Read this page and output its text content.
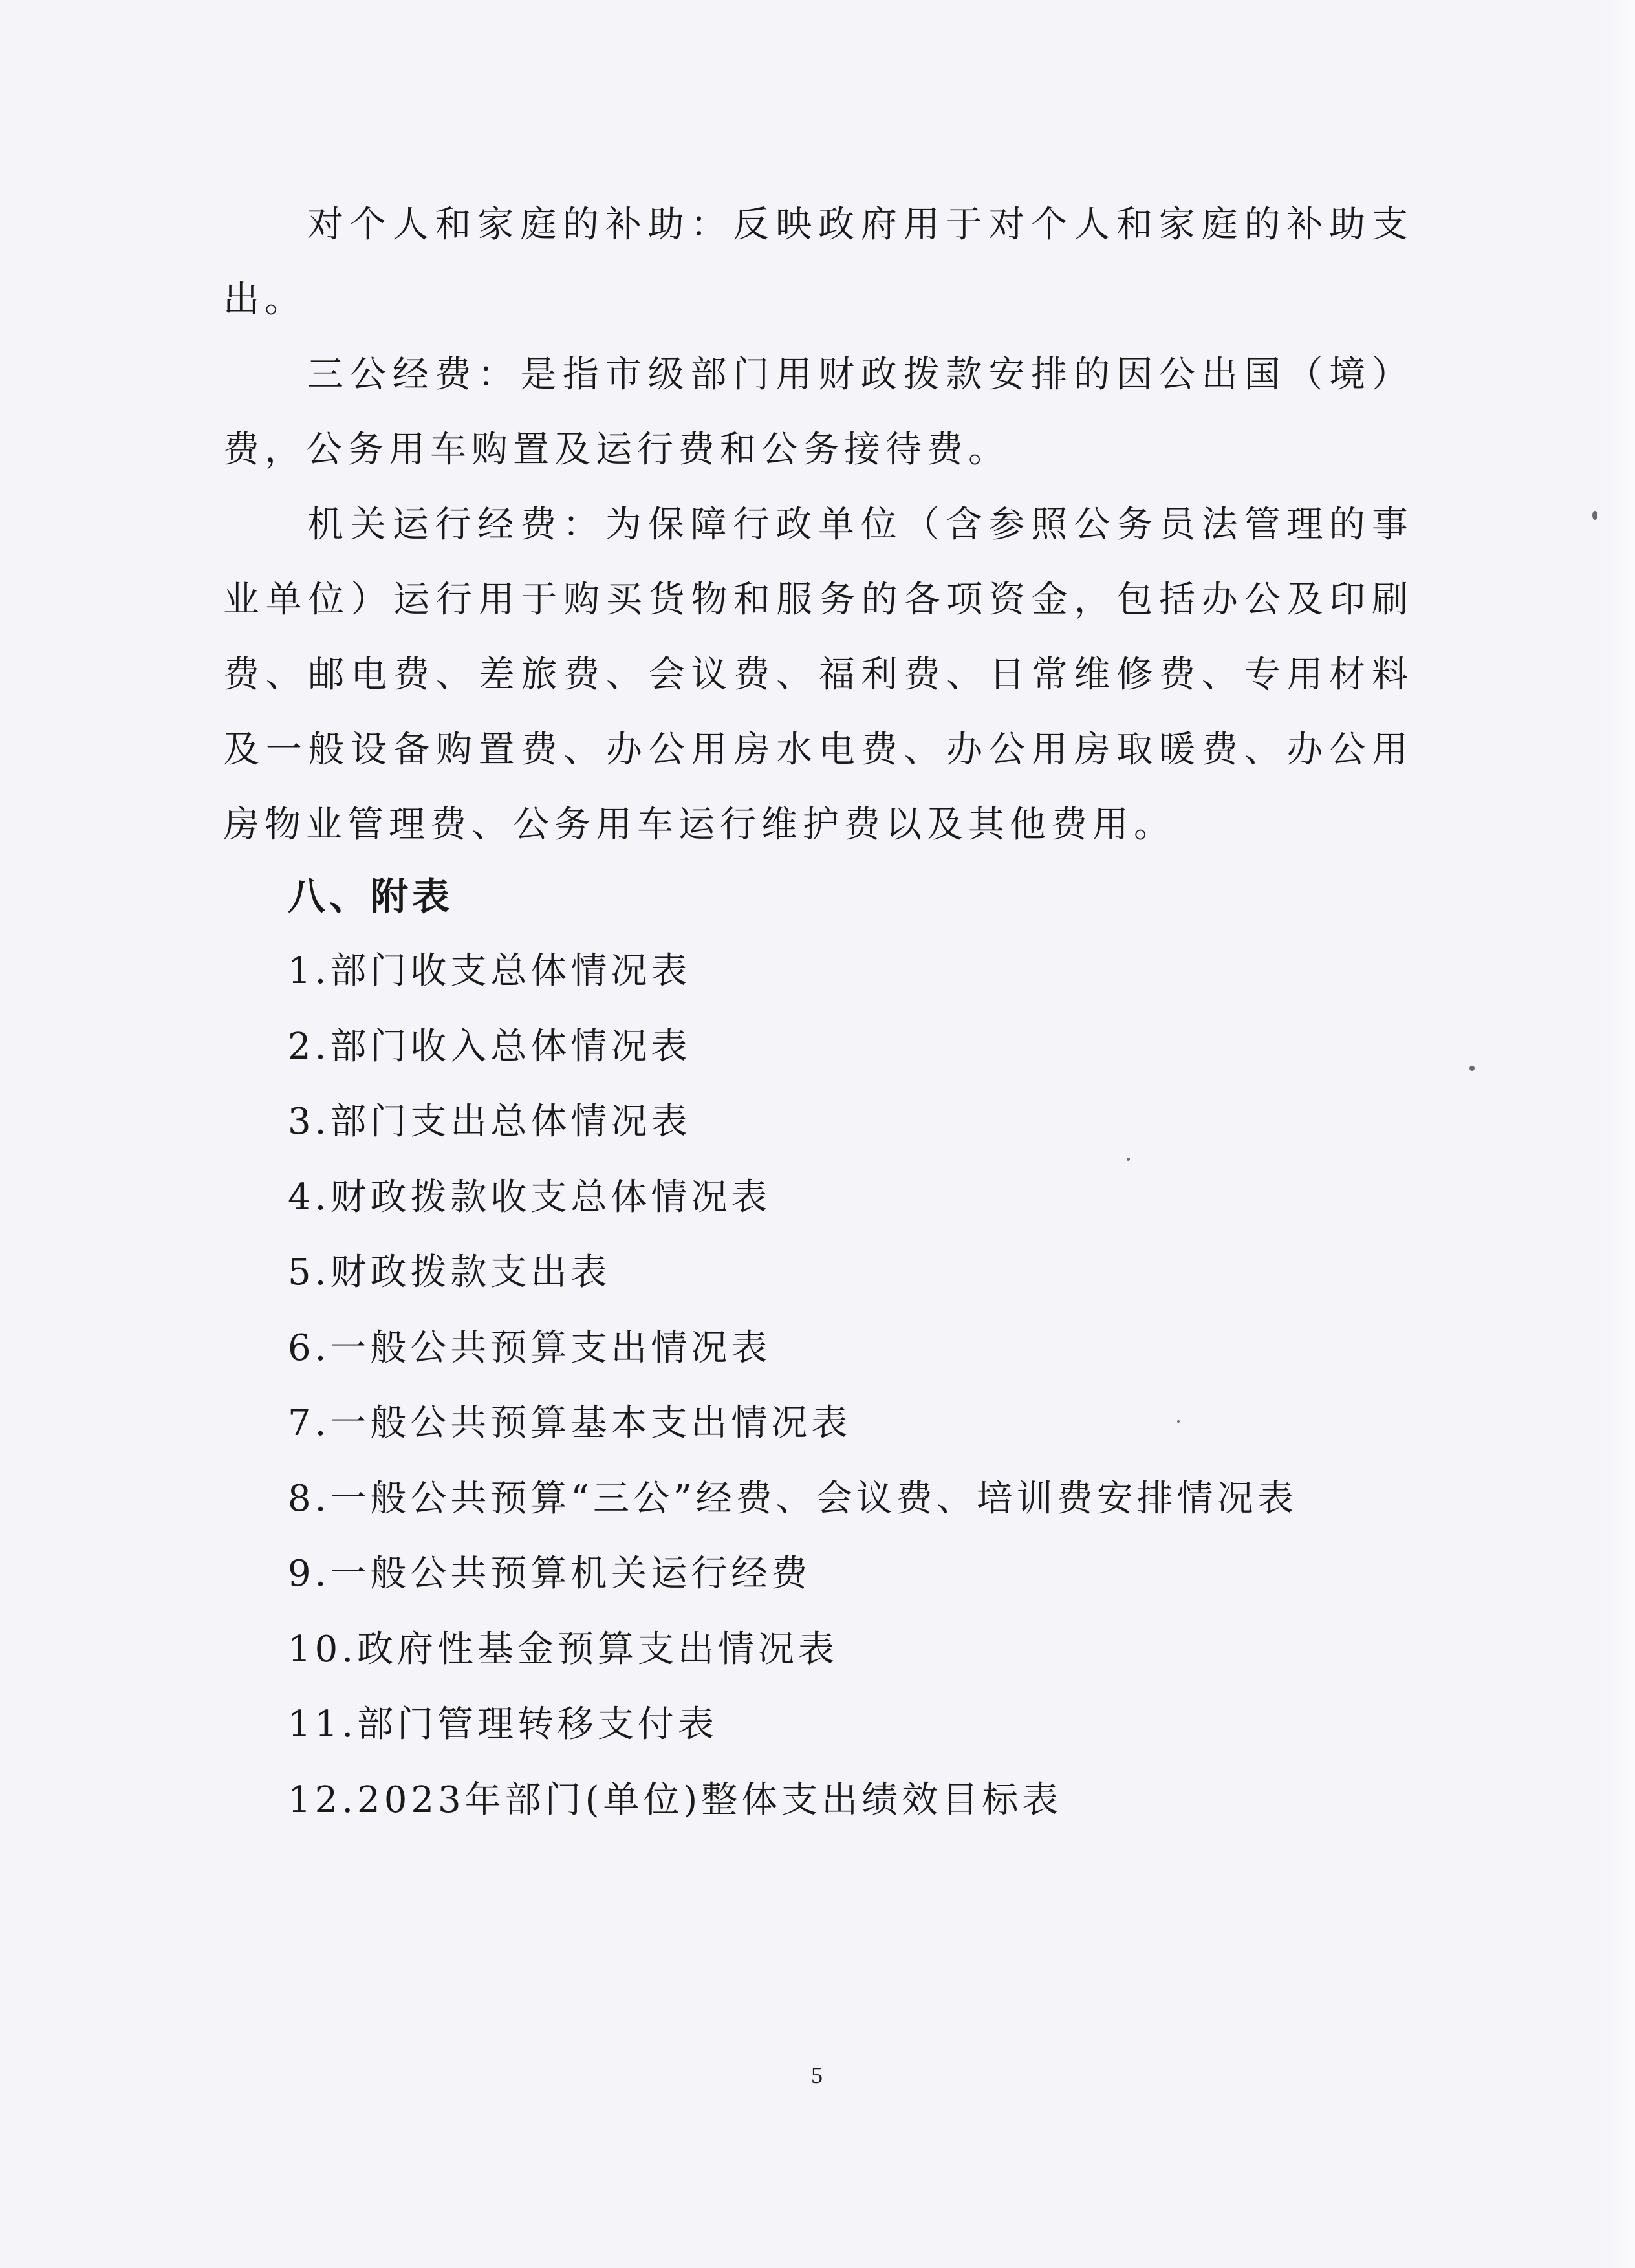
对个人和家庭的补助：反映政府用于对个人和家庭的补助支出。

三公经费：是指市级部门用财政拨款安排的因公出国（境）费，公务用车购置及运行费和公务接待费。

机关运行经费：为保障行政单位（含参照公务员法管理的事业单位）运行用于购买货物和服务的各项资金，包括办公及印刷费、邮电费、差旅费、会议费、福利费、日常维修费、专用材料及一般设备购置费、办公用房水电费、办公用房取暖费、办公用房物业管理费、公务用车运行维护费以及其他费用。

八、附表
1.部门收支总体情况表
2.部门收入总体情况表
3.部门支出总体情况表
4.财政拨款收支总体情况表
5.财政拨款支出表
6.一般公共预算支出情况表
7.一般公共预算基本支出情况表
8.一般公共预算“三公”经费、会议费、培训费安排情况表
9.一般公共预算机关运行经费
10.政府性基金预算支出情况表
11.部门管理转移支付表
12.2023年部门(单位)整体支出绩效目标表
5
